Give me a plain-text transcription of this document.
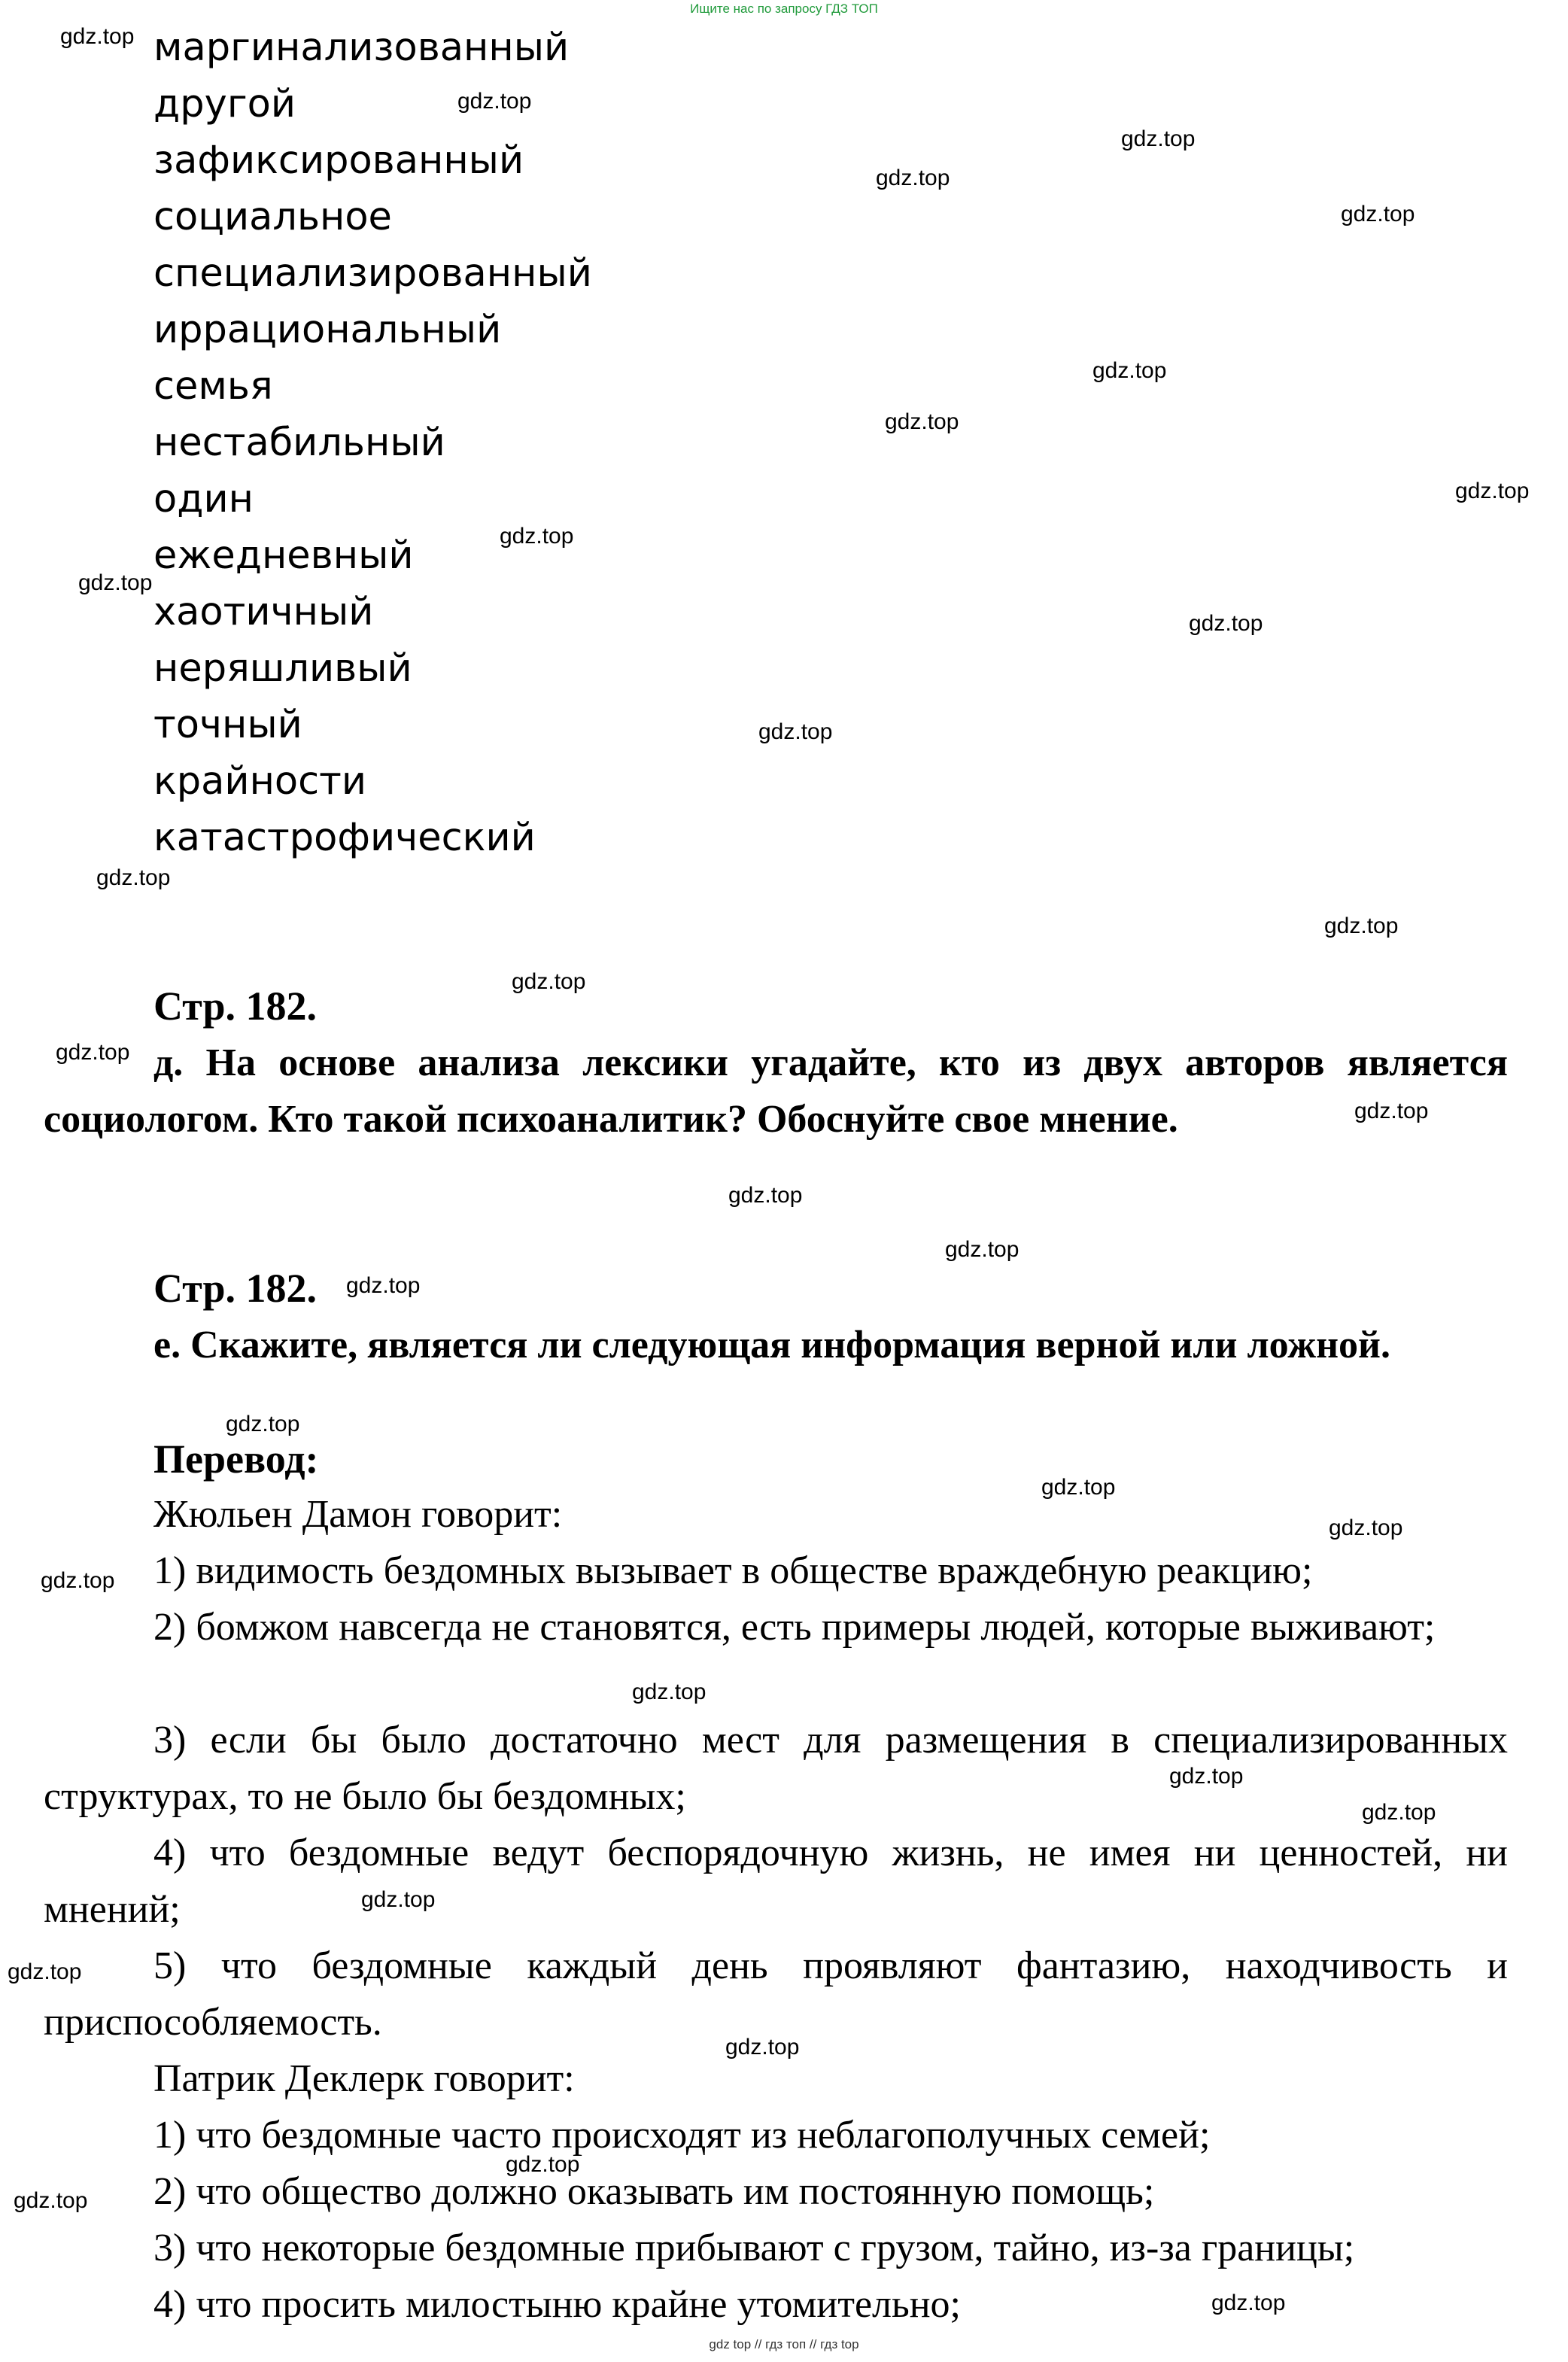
Ищите нас по запросу ГДЗ ТОП
маргинализованный
другой
зафиксированный
социальное
специализированный
иррациональный
семья
нестабильный
один
ежедневный
хаотичный
неряшливый
точный
крайности
катастрофический
Стр. 182.
д. На основе анализа лексики угадайте, кто из двух авторов является социологом. Кто такой психоаналитик? Обоснуйте свое мнение.
Стр. 182.
е. Скажите, является ли следующая информация верной или ложной.
Перевод:
Жюльен Дамон говорит:
1) видимость бездомных вызывает в обществе враждебную реакцию;
2) бомжом навсегда не становятся, есть примеры людей, которые выживают;
3) если бы было достаточно мест для размещения в специализированных структурах, то не было бы бездомных;
4) что бездомные ведут беспорядочную жизнь, не имея ни ценностей, ни мнений;
5) что бездомные каждый день проявляют фантазию, находчивость и приспособляемость.
Патрик Деклерк говорит:
1) что бездомные часто происходят из неблагополучных семей;
2) что общество должно оказывать им постоянную помощь;
3) что некоторые бездомные прибывают с грузом, тайно, из-за границы;
4) что просить милостыню крайне утомительно;
gdz.top
gdz.top
gdz.top
gdz.top
gdz.top
gdz.top
gdz.top
gdz.top
gdz.top
gdz.top
gdz.top
gdz.top
gdz.top
gdz.top
gdz.top
gdz.top
gdz.top
gdz.top
gdz.top
gdz.top
gdz.top
gdz.top
gdz.top
gdz.top
gdz.top
gdz.top
gdz.top
gdz.top
gdz.top
gdz.top
gdz.top
gdz.top
gdz.top
gdz top // гдз топ // гдз top
